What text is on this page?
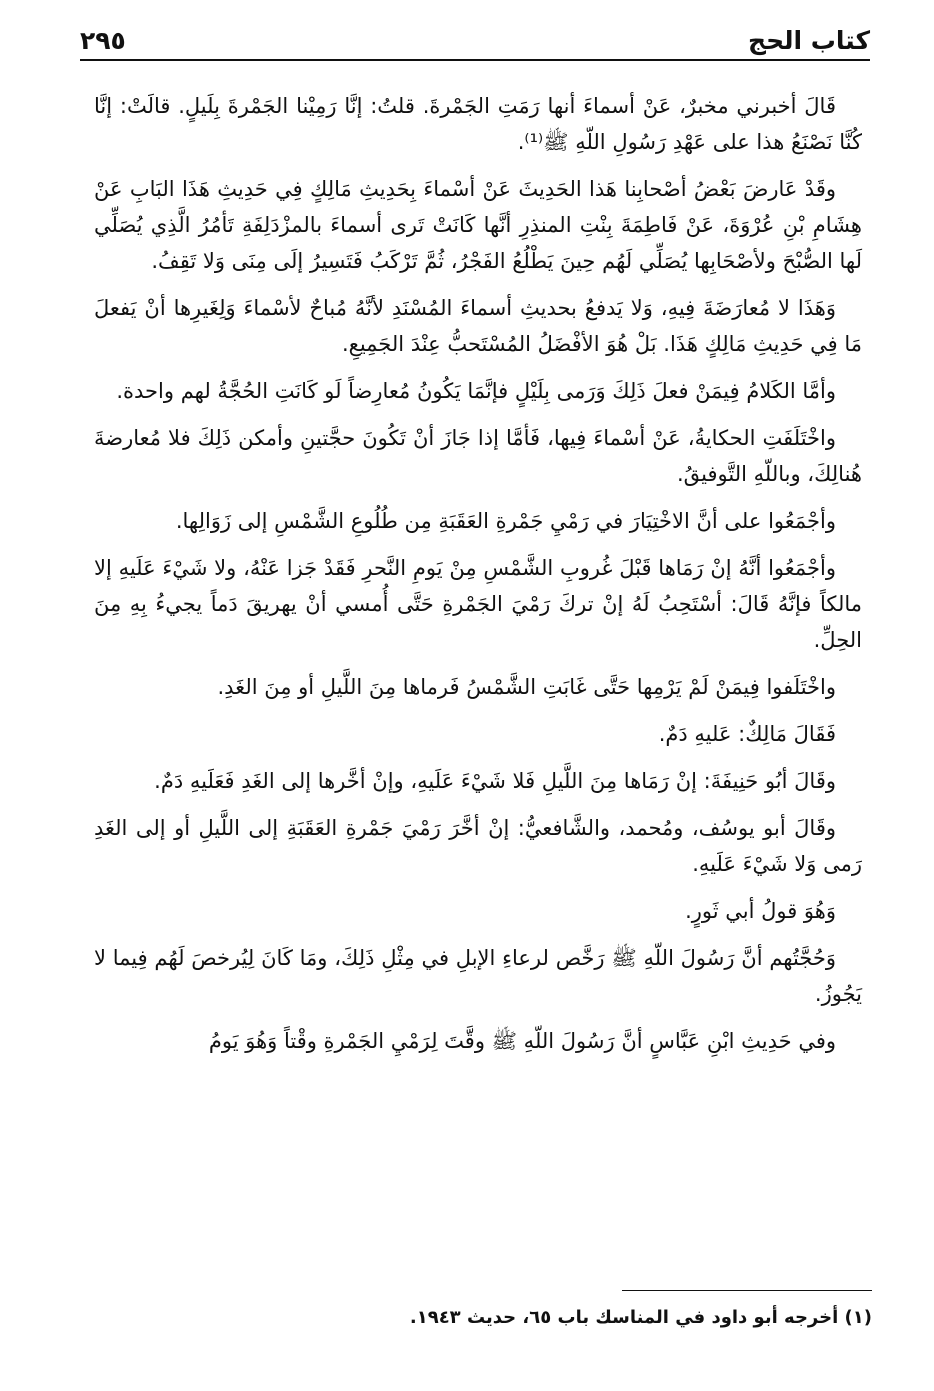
كتاب الحج
٢٩٥

قَالَ أخبرني مخبرٌ، عَنْ أسماءَ أنها رَمَتِ الجَمْرةَ. قلتُ: إنَّا رَمِيْنا الجَمْرةَ بِلَيلٍ. قالَتْ: إنَّا كُنَّا نَصْنَعُ هذا على عَهْدِ رَسُولِ اللّهِ ﷺ⁽¹⁾.

وقَدْ عَارضَ بَعْضُ أصْحابِنا هَذا الحَدِيثَ عَنْ أسْماءَ بِحَدِيثِ مَالِكٍ فِي حَدِيثِ هَذَا البَابِ عَنْ هِشَامِ بْنِ عُرْوَةَ، عَنْ فَاطِمَةَ بِنْتِ المنذِرِ أنَّها كَانَتْ تَرى أسماءَ بالمزْدَلِفَةِ تَأمُرُ الَّذِي يُصَلِّي لَها الصُّبْحَ ولأصْحَابِها يُصَلِّي لَهُم حِينَ يَطْلُعُ الفَجْرُ، ثُمَّ تَرْكَبُ فَتَسِيرُ إلَى مِنَى وَلا تَقِفُ.

وَهَذَا لا مُعارَضَةَ فِيهِ، وَلا يَدفعُ بحديثِ أسماءَ المُسْنَدِ لأنَّهُ مُباحٌ لأسْماءَ وَلِغَيرِها أنْ يَفعلَ مَا فِي حَدِيثِ مَالِكٍ هَذَا. بَلْ هُوَ الأفْضَلُ المُسْتَحبُّ عِنْدَ الجَمِيعِ.

وأمَّا الكَلامُ فِيمَنْ فعلَ ذَلِكَ وَرَمى بِلَيْلٍ فإنَّمَا يَكُونُ مُعارِضاً لَو كَانَتِ الحُجَّةُ لهم واحدة.

واخْتَلَفَتِ الحكايةُ، عَنْ أسْماءَ فِيها، فَأمَّا إذا جَازَ أنْ تَكُونَ حجَّتينِ وأمكن ذَلِكَ فلا مُعارضةَ هُنالِكَ، وباللّهِ التَّوفيقُ.

وأجْمَعُوا على أنَّ الاخْتِيَارَ في رَمْيِ جَمْرةِ العَقَبَةِ مِن طُلُوعِ الشَّمْسِ إلى زَوَالِها.

وأجْمَعُوا أنَّهُ إنْ رَمَاها قَبْلَ غُروبِ الشَّمْسِ مِنْ يَومِ النَّحرِ فَقَدْ جَزا عَنْهُ، ولا شَيْءَ عَلَيهِ إلا مالكاً فإنَّهُ قَالَ: أسْتَحِبُ لَهُ إنْ تركَ رَمْيَ الجَمْرةِ حَتَّى أُمسي أنْ يهريقَ دَماً يجيءُ بِهِ مِنَ الحِلِّ.

واخْتَلَفوا فِيمَنْ لَمْ يَرْمِها حَتَّى غَابَتِ الشَّمْسُ فَرماها مِنَ اللَّيلِ أو مِنَ الغَدِ.

فَقَالَ مَالِكٌ: عَليهِ دَمٌ.

وقَالَ أبُو حَنِيفَةَ: إنْ رَمَاها مِنَ اللَّيلِ فَلا شَيْءَ عَلَيهِ، وإنْ أخَّرها إلى الغَدِ فَعَلَيهِ دَمٌ.

وقَالَ أبو يوسُف، ومُحمد، والشَّافعيُّ: إنْ أخَّرَ رَمْيَ جَمْرةِ العَقَبَةِ إلى اللَّيلِ أو إلى الغَدِ رَمى وَلا شَيْءَ عَلَيهِ.

وَهُوَ قولُ أبي ثَورٍ.

وَحُجَّتُهم أنَّ رَسُولَ اللّهِ ﷺ رَخَّص لرعاءِ الإبلِ في مِثْلِ ذَلِكَ، ومَا كَانَ لِيُرخصَ لَهُم فِيما لا يَجُوزُ.

وفي حَدِيثِ ابْنِ عَبَّاسٍ أنَّ رَسُولَ اللّهِ ﷺ وقَّتَ لِرَمْيِ الجَمْرةِ وقْتاً وَهُوَ يَومُ

(١) أخرجه أبو داود في المناسك باب ٦٥، حديث ١٩٤٣.
